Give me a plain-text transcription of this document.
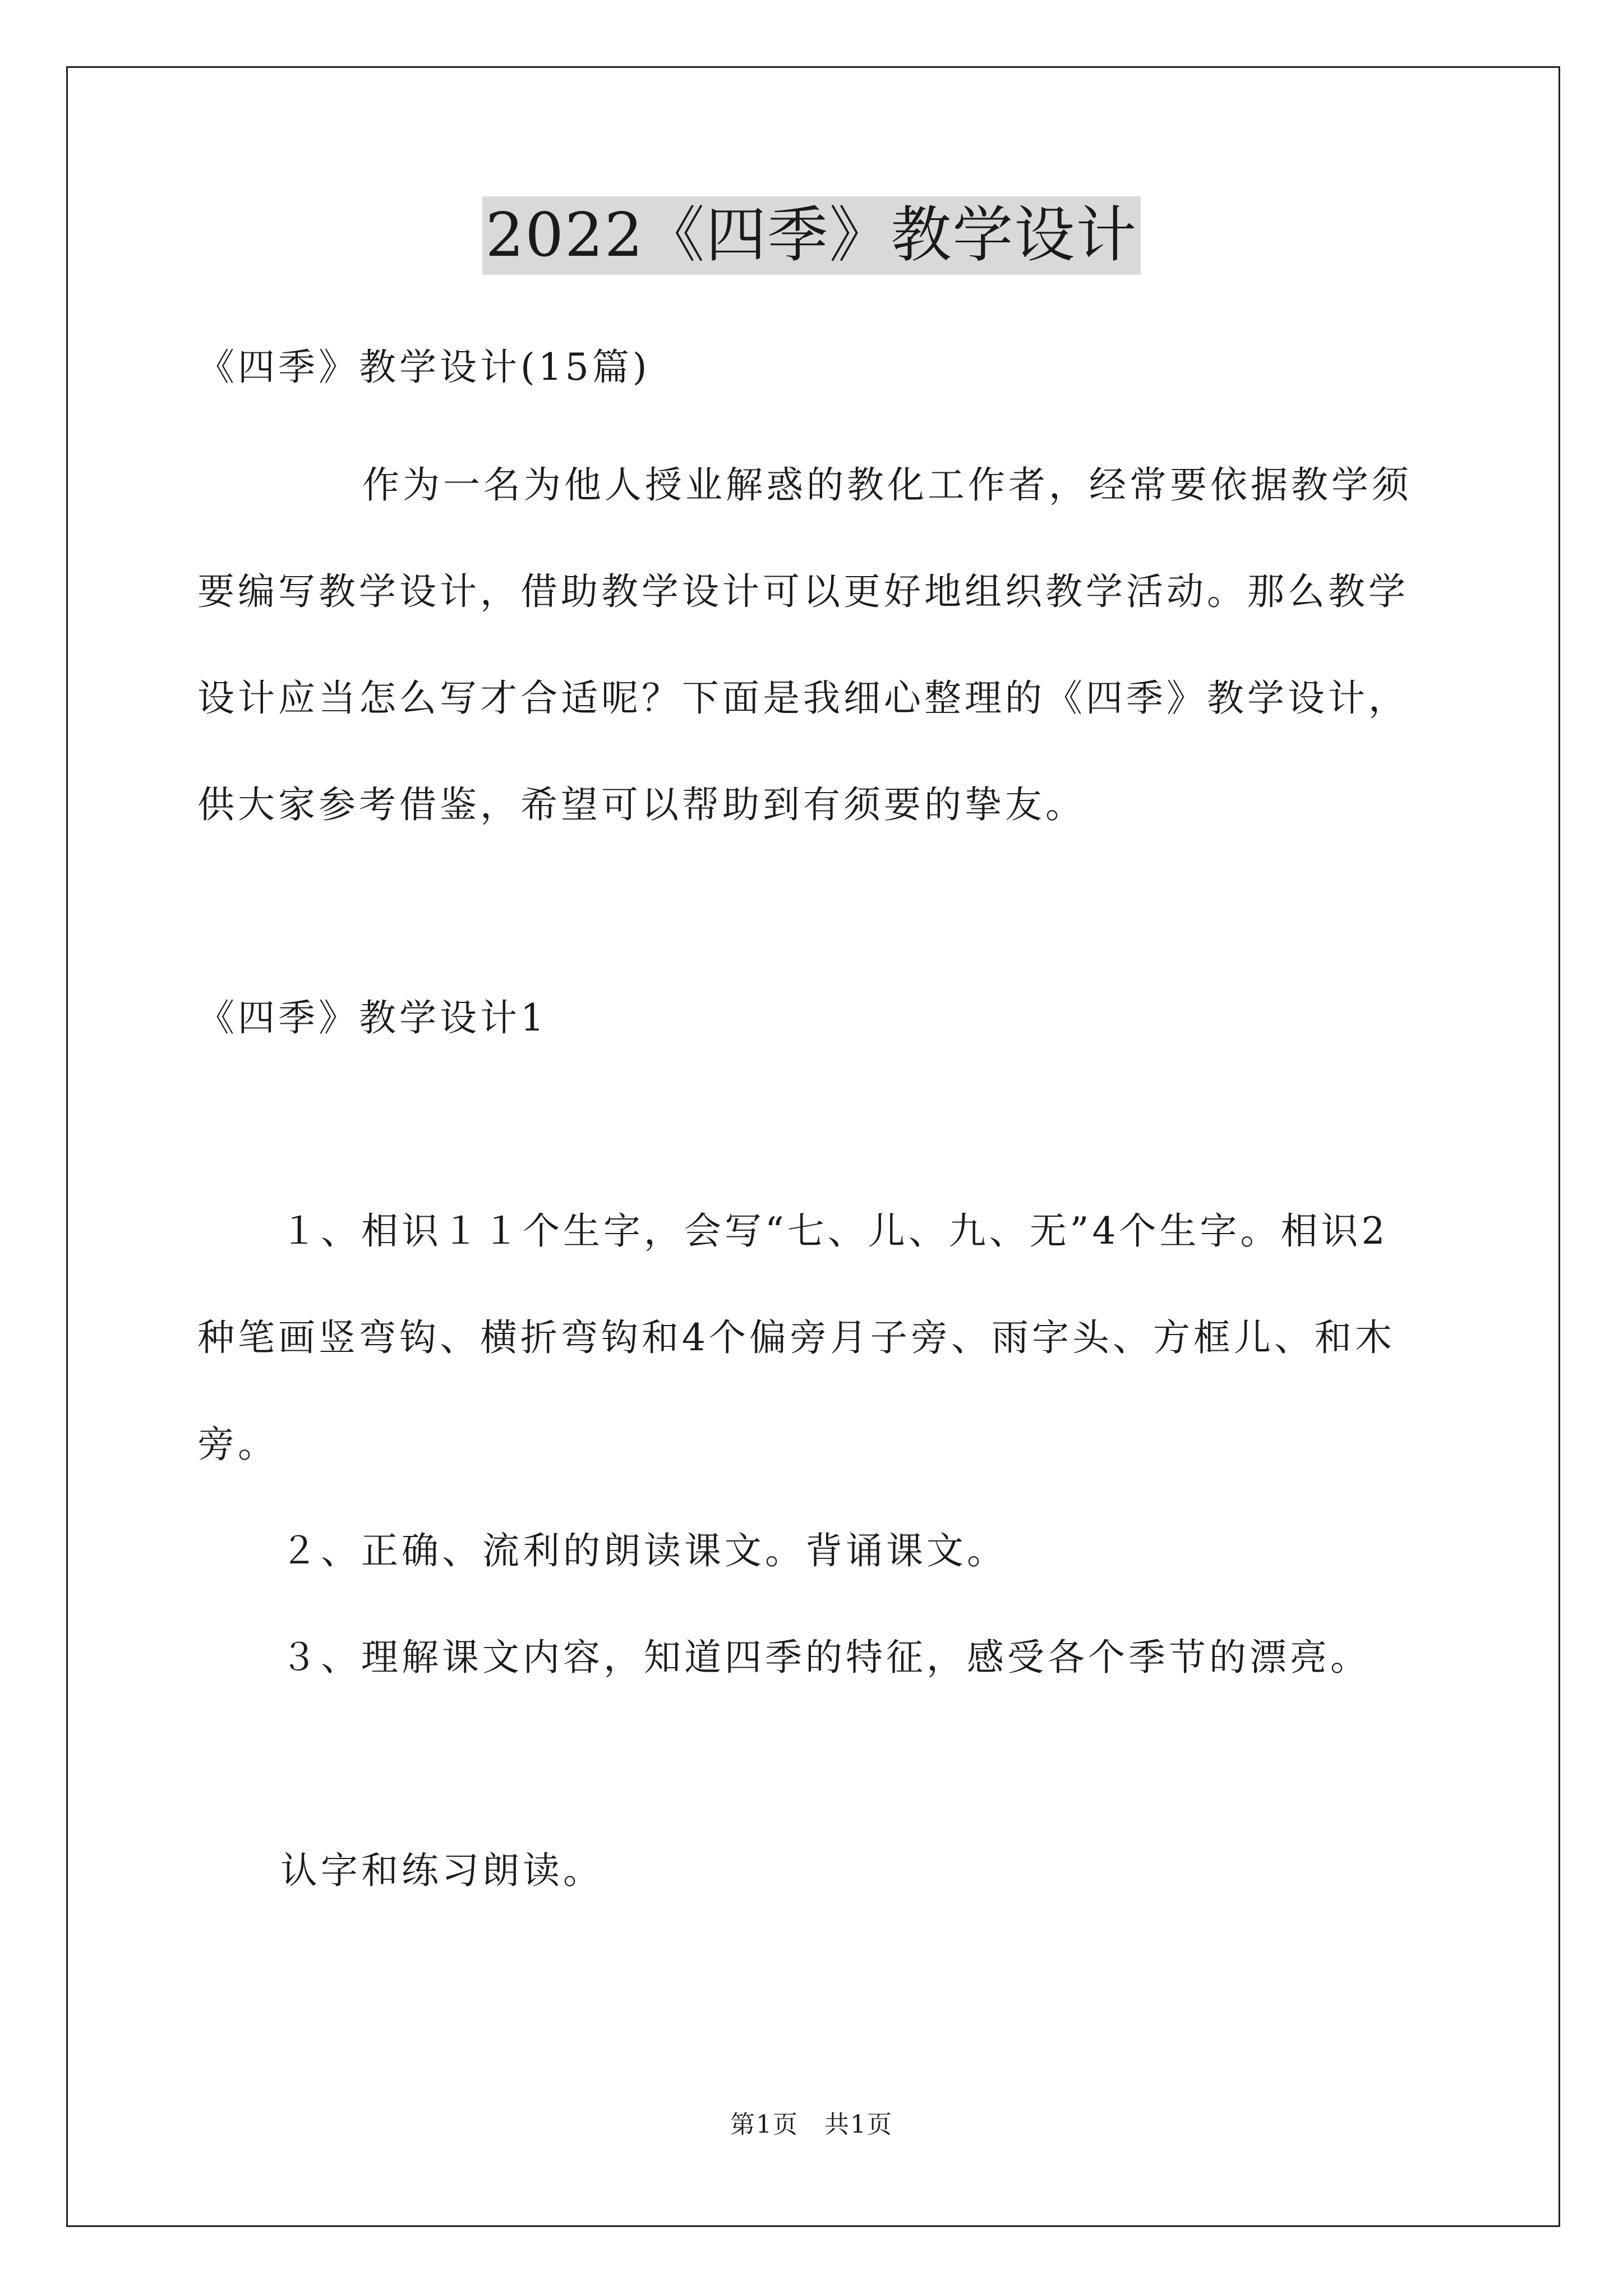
2022《四季》教学设计
《四季》教学设计(15篇)
作为一名为他人授业解惑的教化工作者，经常要依据教学须
要编写教学设计，借助教学设计可以更好地组织教学活动。那么教学
设计应当怎么写才合适呢？下面是我细心整理的《四季》教学设计，
供大家参考借鉴，希望可以帮助到有须要的挚友。
《四季》教学设计1
１、相识１１个生字，会写“七、儿、九、无”4个生字。相识2
种笔画竖弯钩、横折弯钩和4个偏旁月子旁、雨字头、方框儿、和木
旁。
２、正确、流利的朗读课文。背诵课文。
３、理解课文内容，知道四季的特征，感受各个季节的漂亮。
认字和练习朗读。
第1页　共1页
